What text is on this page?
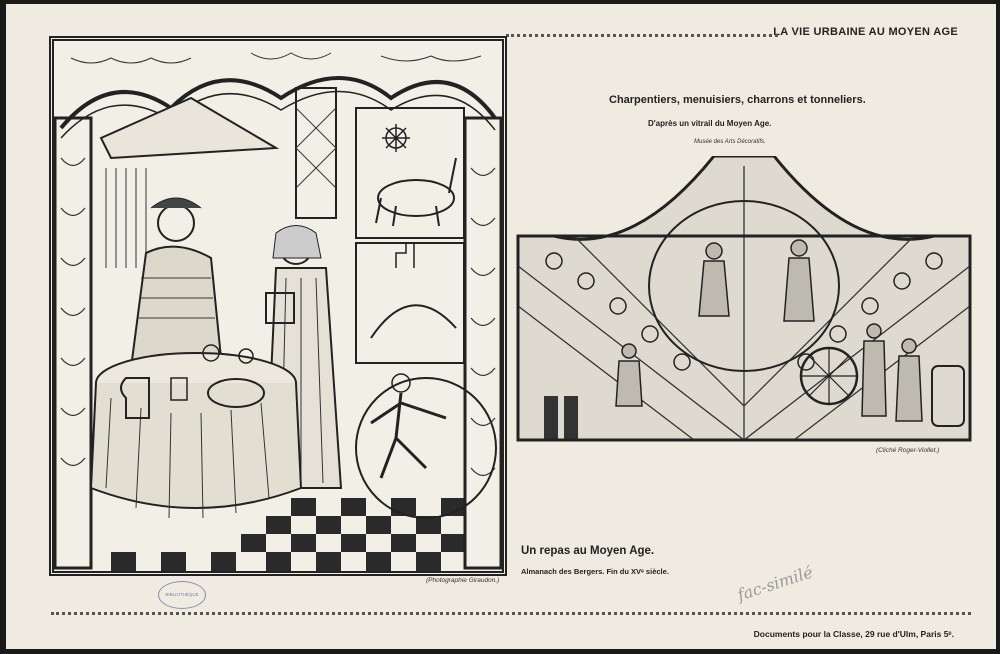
LA VIE URBAINE AU MOYEN AGE
(Photographie Giraudon.)
Charpentiers, menuisiers, charrons et tonneliers.
D'après un vitrail du Moyen Age.
Musée des Arts Décoratifs.
(Cliché Roger-Viollet.)
Un repas au Moyen Age.
Almanach des Bergers. Fin du XVᵉ siècle.
BIBLIOTHÈQUE	fac-similé
Documents pour la Classe, 29 rue d'Ulm, Paris 5ᵉ.
